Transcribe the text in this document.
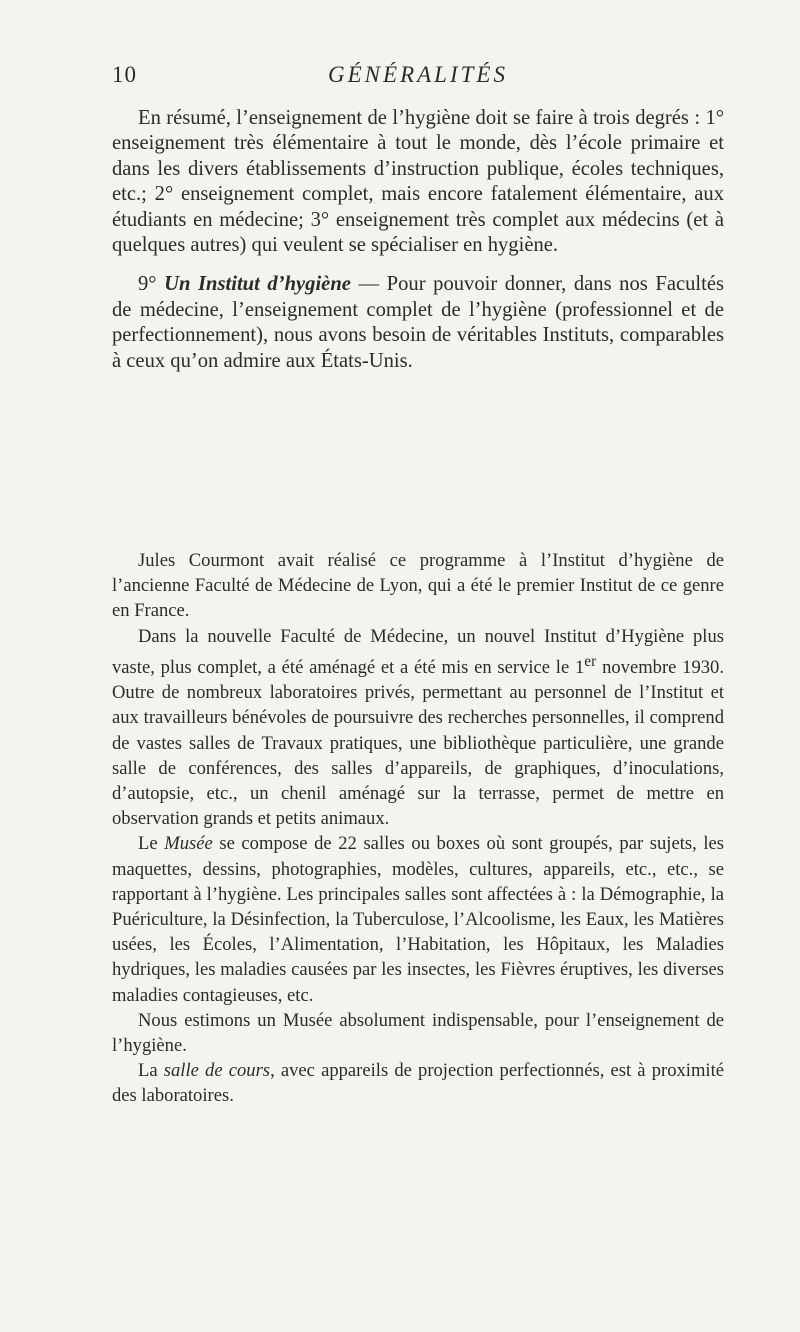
10	GÉNÉRALITÉS

En résumé, l’enseignement de l’hygiène doit se faire à trois degrés : 1° enseignement très élémentaire à tout le monde, dès l’école primaire et dans les divers établissements d’instruction publique, écoles techniques, etc.; 2° enseignement complet, mais encore fatalement élémentaire, aux étudiants en médecine; 3° enseignement très complet aux médecins (et à quelques autres) qui veulent se spécialiser en hygiène.

9° Un Institut d’hygiène — Pour pouvoir donner, dans nos Facultés de médecine, l’enseignement complet de l’hygiène (professionnel et de perfectionnement), nous avons besoin de véritables Instituts, comparables à ceux qu’on admire aux États-Unis.

Jules Courmont avait réalisé ce programme à l’Institut d’hygiène de l’ancienne Faculté de Médecine de Lyon, qui a été le premier Institut de ce genre en France.

Dans la nouvelle Faculté de Médecine, un nouvel Institut d’Hygiène plus vaste, plus complet, a été aménagé et a été mis en service le 1er novembre 1930. Outre de nombreux laboratoires privés, permettant au personnel de l’Institut et aux travailleurs bénévoles de poursuivre des recherches personnelles, il comprend de vastes salles de Travaux pratiques, une bibliothèque particulière, une grande salle de conférences, des salles d’appareils, de graphiques, d’inoculations, d’autopsie, etc., un chenil aménagé sur la terrasse, permet de mettre en observation grands et petits animaux.

Le Musée se compose de 22 salles ou boxes où sont groupés, par sujets, les maquettes, dessins, photographies, modèles, cultures, appareils, etc., etc., se rapportant à l’hygiène. Les principales salles sont affectées à : la Démographie, la Puériculture, la Désinfection, la Tuberculose, l’Alcoolisme, les Eaux, les Matières usées, les Écoles, l’Alimentation, l’Habitation, les Hôpitaux, les Maladies hydriques, les maladies causées par les insectes, les Fièvres éruptives, les diverses maladies contagieuses, etc.

Nous estimons un Musée absolument indispensable, pour l’enseignement de l’hygiène.

La salle de cours, avec appareils de projection perfectionnés, est à proximité des laboratoires.
